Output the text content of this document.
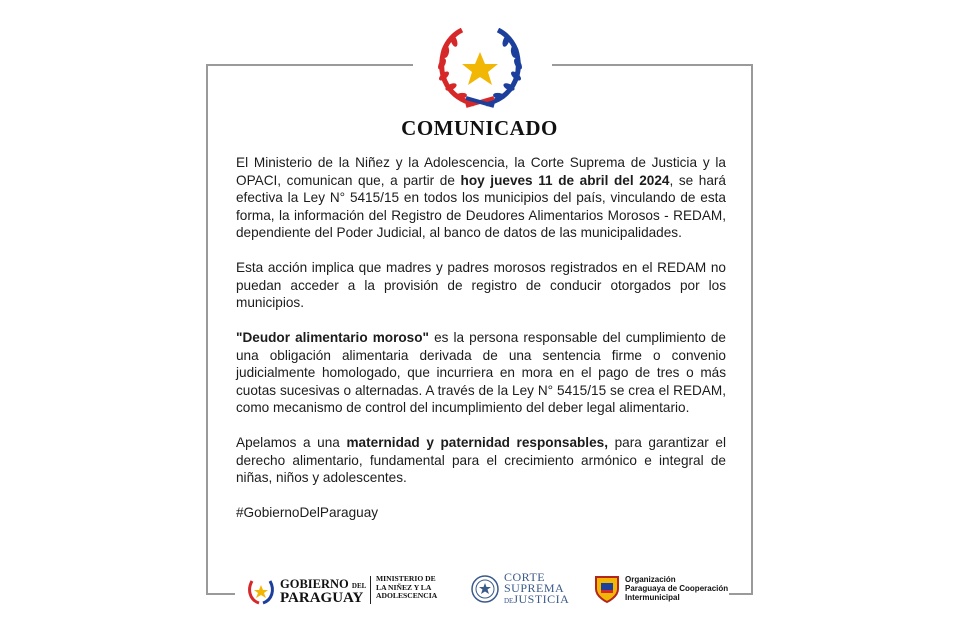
COMUNICADO

El Ministerio de la Niñez y la Adolescencia, la Corte Suprema de Justicia y la OPACI, comunican que, a partir de hoy jueves 11 de abril del 2024, se hará efectiva la Ley N° 5415/15 en todos los municipios del país, vinculando de esta forma, la información del Registro de Deudores Alimentarios Morosos - REDAM, dependiente del Poder Judicial, al banco de datos de las municipalidades.

Esta acción implica que madres y padres morosos registrados en el REDAM no puedan acceder a la provisión de registro de conducir otorgados por los municipios.

"Deudor alimentario moroso" es la persona responsable del cumplimiento de una obligación alimentaria derivada de una sentencia firme o convenio judicialmente homologado, que incurriera en mora en el pago de tres o más cuotas sucesivas o alternadas. A través de la Ley N° 5415/15 se crea el REDAM, como mecanismo de control del incumplimiento del deber legal alimentario.

Apelamos a una maternidad y paternidad responsables, para garantizar el derecho alimentario, fundamental para el crecimiento armónico e integral de niñas, niños y adolescentes.

#GobiernoDelParaguay

GOBIERNO DEL
PARAGUAY
MINISTERIO DE
LA NIÑEZ Y LA
ADOLESCENCIA
CORTE
SUPREMA
DEJUSTICIA
Organización
Paraguaya de Cooperación
Intermunicipal
